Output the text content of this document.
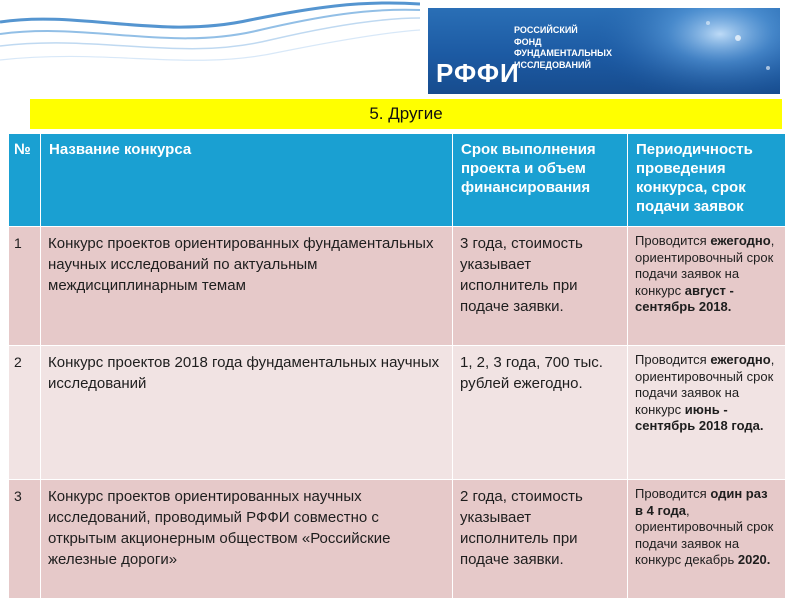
РОССИЙСКИЙ
ФОНД
ФУНДАМЕНТАЛЬНЫХ
ИССЛЕДОВАНИЙ
РФФИ
5. Другие
№	Название конкурса	Срок выполнения проекта и объем финансирования	Периодичность проведения конкурса, срок подачи заявок
1	Конкурс проектов ориентированных фундаментальных научных исследований по актуальным междисциплинарным темам	3 года, стоимость указывает исполнитель при подаче заявки.	Проводится ежегодно, ориентировочный срок подачи заявок на конкурс август - сентябрь 2018.
2	Конкурс проектов 2018 года фундаментальных научных исследований	1, 2, 3 года, 700 тыс. рублей ежегодно.	Проводится ежегодно, ориентировочный срок подачи заявок на конкурс июнь - сентябрь 2018 года.
3	Конкурс проектов ориентированных научных исследований, проводимый РФФИ совместно с открытым акционерным обществом «Российские железные дороги»	2 года, стоимость указывает исполнитель при подаче заявки.	Проводится один раз в 4 года, ориентировочный срок подачи заявок на конкурс декабрь 2020.
